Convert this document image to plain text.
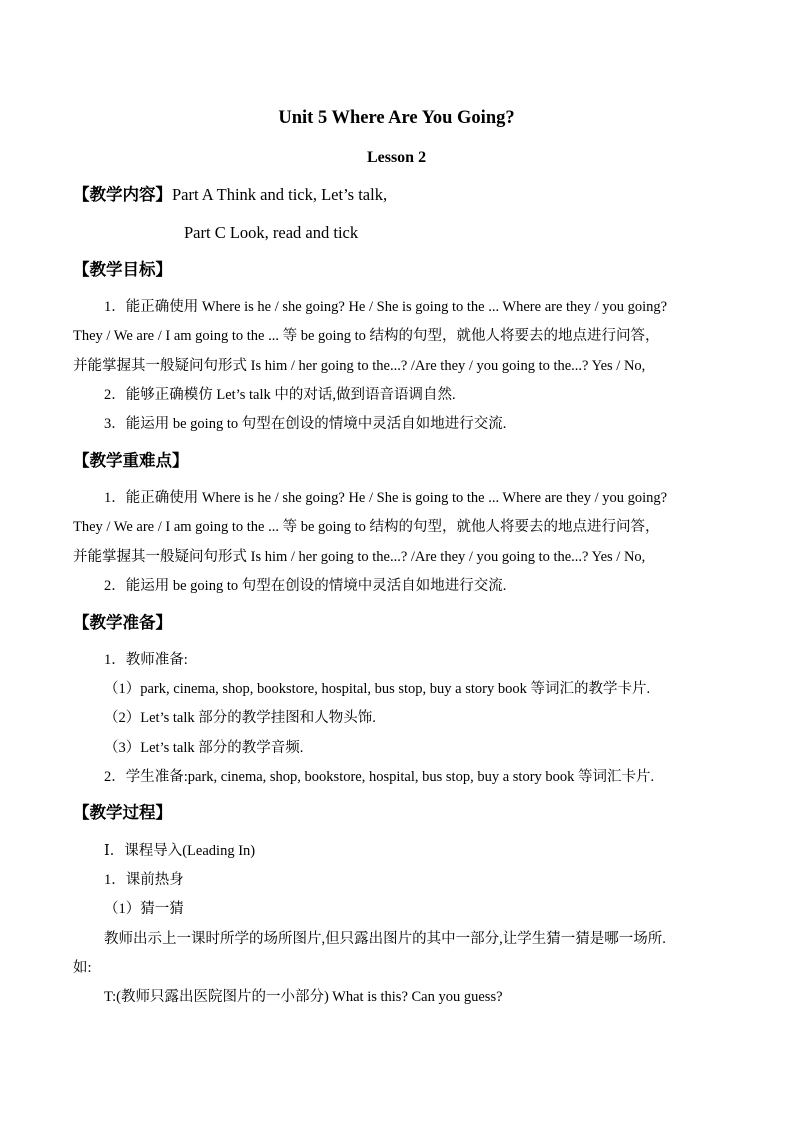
Unit 5 Where Are You Going?
Lesson 2
【教学内容】Part A Think and tick, Let’s talk,
Part C Look, read and tick
【教学目标】
1．能正确使用 Where is he / she going? He / She is going to the ... Where are they / you going?
They / We are / I am going to the ... 等 be going to 结构的句型，就他人将要去的地点进行问答，
并能掌握其一般疑问句形式 Is him / her going to the...? /Are they / you going to the...? Yes / No,
2．能够正确模仿 Let’s talk 中的对话,做到语音语调自然.
3．能运用 be going to 句型在创设的情境中灵活自如地进行交流.
【教学重难点】
1．能正确使用 Where is he / she going? He / She is going to the ... Where are they / you going?
They / We are / I am going to the ... 等 be going to 结构的句型，就他人将要去的地点进行问答，
并能掌握其一般疑问句形式 Is him / her going to the...? /Are they / you going to the...? Yes / No,
2．能运用 be going to 句型在创设的情境中灵活自如地进行交流.
【教学准备】
1．教师准备:
（1）park, cinema, shop, bookstore, hospital, bus stop, buy a story book 等词汇的教学卡片.
（2）Let’s talk 部分的教学挂图和人物头饰.
（3）Let’s talk 部分的教学音频.
2．学生准备:park, cinema, shop, bookstore, hospital, bus stop, buy a story book 等词汇卡片.
【教学过程】
Ⅰ．课程导入(Leading In)
1．课前热身
（1）猜一猜
教师出示上一课时所学的场所图片,但只露出图片的其中一部分,让学生猜一猜是哪一场所.
如:
T:(教师只露出医院图片的一小部分) What is this? Can you guess?
